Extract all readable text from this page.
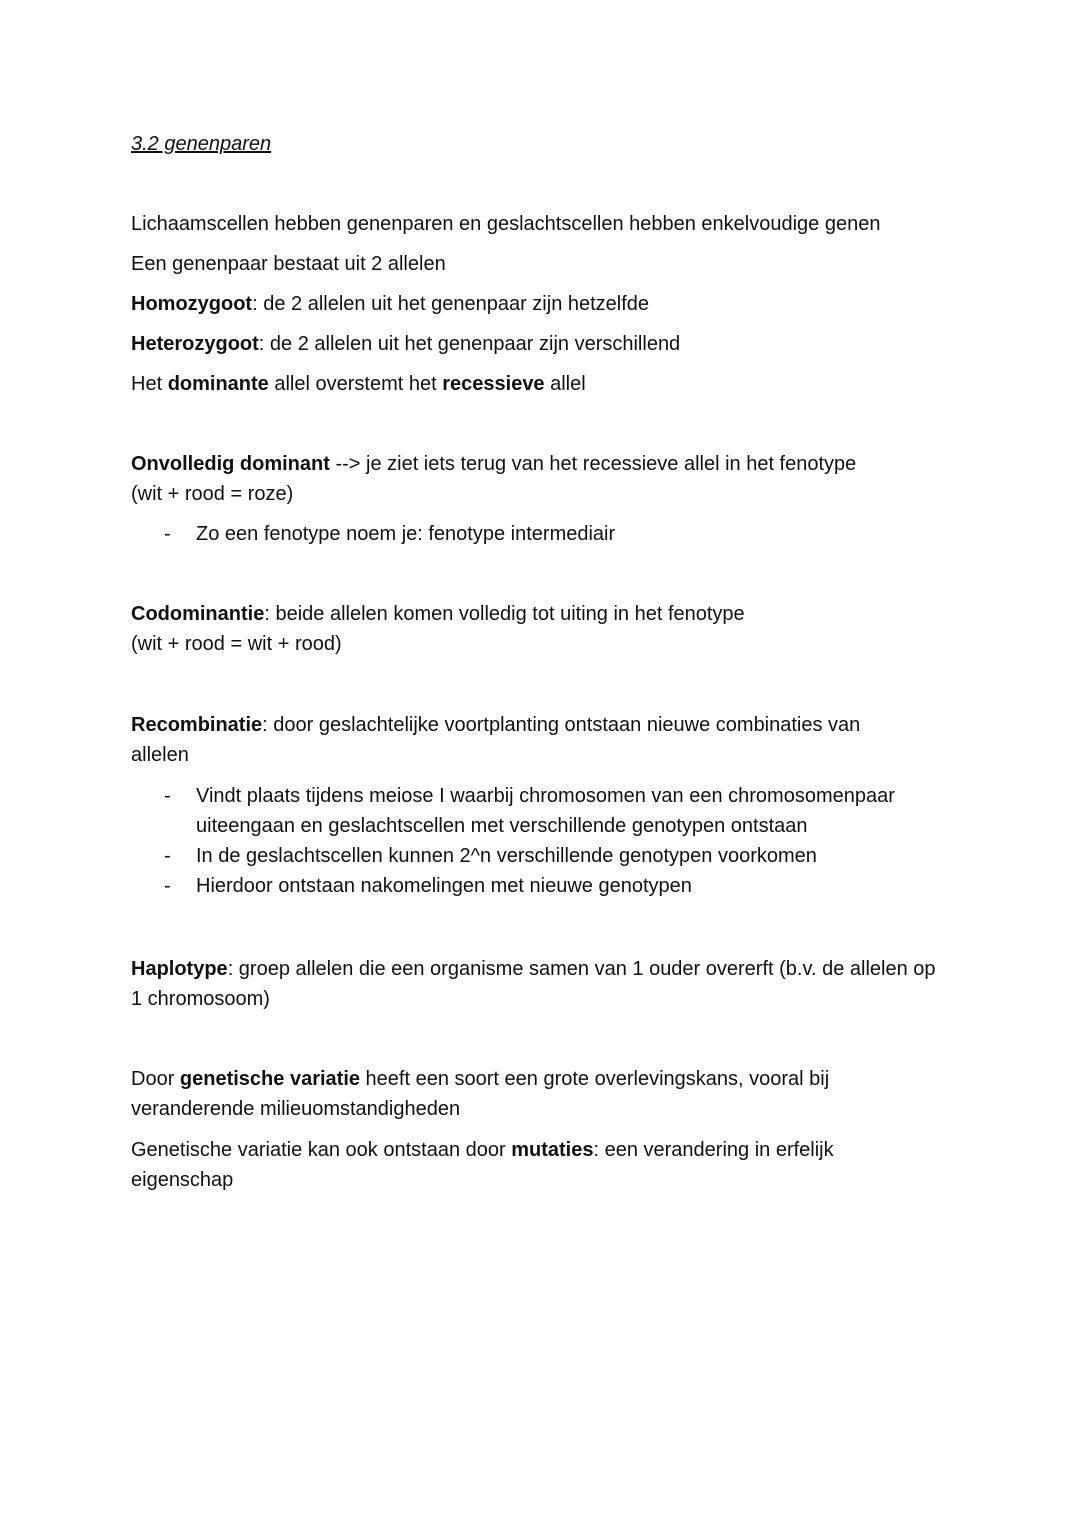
3.2 genenparen
Lichaamscellen hebben genenparen en geslachtscellen hebben enkelvoudige genen
Een genenpaar bestaat uit 2 allelen
Homozygoot: de 2 allelen uit het genenpaar zijn hetzelfde
Heterozygoot: de 2 allelen uit het genenpaar zijn verschillend
Het dominante allel overstemt het recessieve allel
Onvolledig dominant --> je ziet iets terug van het recessieve allel in het fenotype
(wit + rood = roze)
- Zo een fenotype noem je: fenotype intermediair
Codominantie: beide allelen komen volledig tot uiting in het fenotype
(wit + rood = wit + rood)
Recombinatie: door geslachtelijke voortplanting ontstaan nieuwe combinaties van allelen
- Vindt plaats tijdens meiose I waarbij chromosomen van een chromosomenpaar uiteengaan en geslachtscellen met verschillende genotypen ontstaan
- In de geslachtscellen kunnen 2^n verschillende genotypen voorkomen
- Hierdoor ontstaan nakomelingen met nieuwe genotypen
Haplotype: groep allelen die een organisme samen van 1 ouder overerft (b.v. de allelen op 1 chromosoom)
Door genetische variatie heeft een soort een grote overlevingskans, vooral bij veranderende milieuomstandigheden
Genetische variatie kan ook ontstaan door mutaties: een verandering in erfelijk eigenschap
